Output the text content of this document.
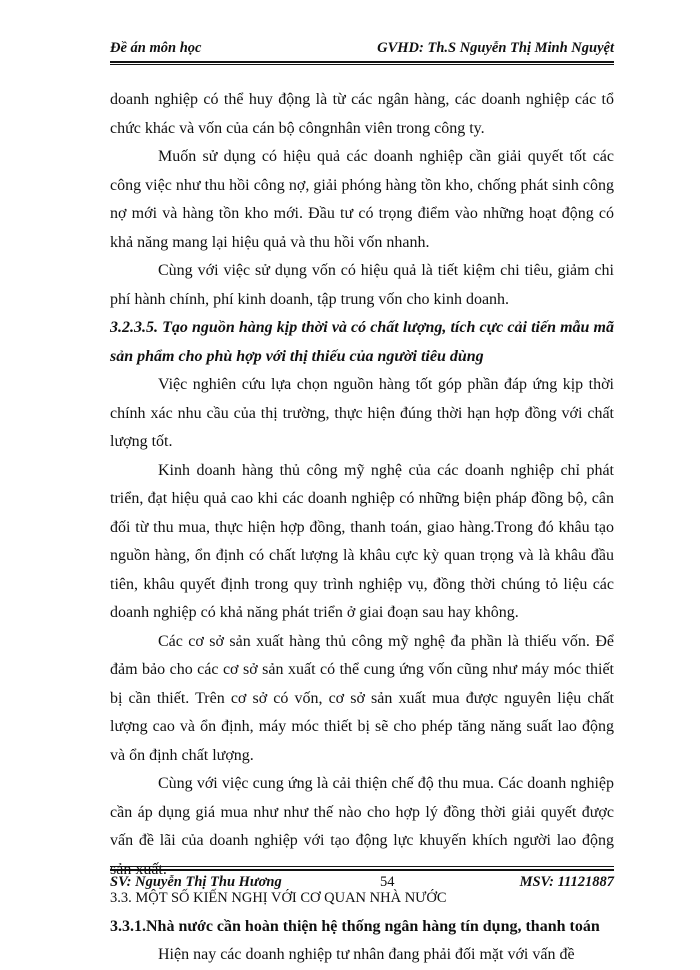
Đề án môn học	GVHD: Th.S Nguyễn Thị Minh Nguyệt

doanh nghiệp có thể huy động là từ các ngân hàng, các doanh nghiệp các tổ chức khác và vốn của cán bộ côngnhân viên trong công ty.

Muốn sử dụng có hiệu quả các doanh nghiệp cần giải quyết tốt các công việc như thu hồi công nợ, giải phóng hàng tồn kho, chống phát sinh công nợ mới và hàng tồn kho mới. Đầu tư có trọng điểm vào những hoạt động có khả năng mang lại hiệu quả và thu hồi vốn nhanh.

Cùng với việc sử dụng vốn có hiệu quả là tiết kiệm chi tiêu, giảm chi phí hành chính, phí kinh doanh, tập trung vốn cho kinh doanh.

3.2.3.5. Tạo nguồn hàng kịp thời và có chất lượng, tích cực cải tiến mẫu mã sản phẩm cho phù hợp với thị thiếu của người tiêu dùng

Việc nghiên cứu lựa chọn nguồn hàng tốt góp phần đáp ứng kịp thời chính xác nhu cầu của thị trường, thực hiện đúng thời hạn hợp đồng với chất lượng tốt.

Kinh doanh hàng thủ công mỹ nghệ của các doanh nghiệp chỉ phát triển, đạt hiệu quả cao khi các doanh nghiệp có những biện pháp đồng bộ, cân đối từ thu mua, thực hiện hợp đồng, thanh toán, giao hàng.Trong đó khâu tạo nguồn hàng, ổn định có chất lượng là khâu cực kỳ quan trọng và là khâu đầu tiên, khâu quyết định trong quy trình nghiệp vụ, đồng thời chúng tỏ liệu các doanh nghiệp có khả năng phát triển ở giai đoạn sau hay không.

Các cơ sở sản xuất hàng thủ công mỹ nghệ đa phần là thiếu vốn. Để đảm bảo cho các cơ sở sản xuất có thể cung ứng vốn cũng như máy móc thiết bị cần thiết. Trên cơ sở có vốn, cơ sở sản xuất mua được nguyên liệu chất lượng cao và ổn định, máy móc thiết bị sẽ cho phép tăng năng suất lao động và ổn định chất lượng.

Cùng với việc cung ứng là cải thiện chế độ thu mua. Các doanh nghiệp cần áp dụng giá mua như như thế nào cho hợp lý đồng thời giải quyết được vấn đề lãi của doanh nghiệp với tạo động lực khuyến khích người lao động sản xuất.

3.3. MỘT SỐ KIẾN NGHỊ VỚI CƠ QUAN NHÀ NƯỚC

3.3.1.Nhà nước cần hoàn thiện hệ thống ngân hàng tín dụng, thanh toán

Hiện nay các doanh nghiệp tư nhân đang phải đối mặt với vấn đề

SV: Nguyễn Thị Thu Hương	54	MSV: 11121887
